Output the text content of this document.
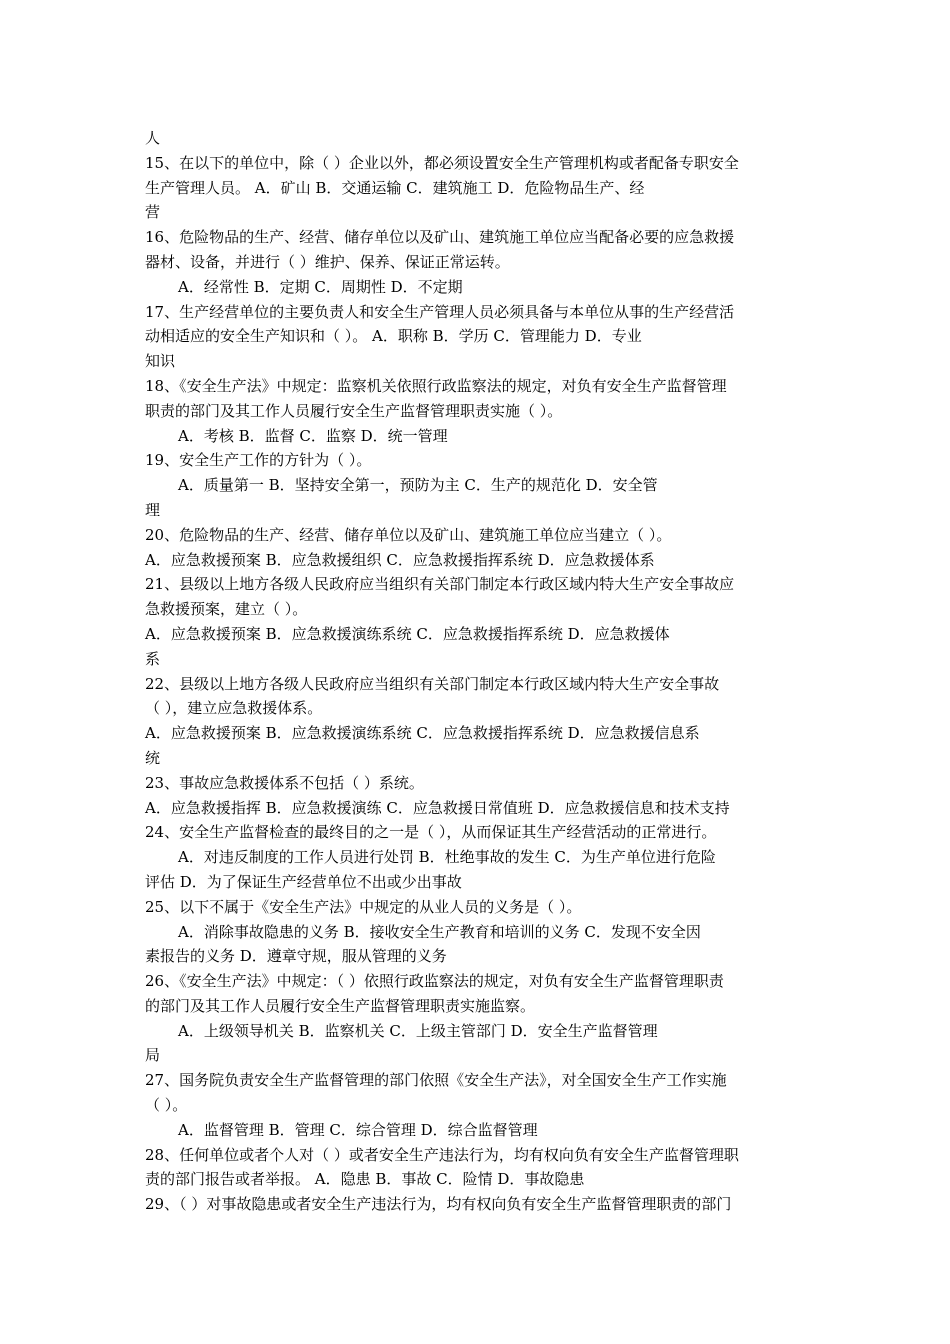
人
15、在以下的单位中，除（ ）企业以外，都必须设置安全生产管理机构或者配备专职安全
生产管理人员。 A．矿山 B．交通运输 C．建筑施工 D．危险物品生产、经
营
16、危险物品的生产、经营、储存单位以及矿山、建筑施工单位应当配备必要的应急救援
器材、设备，并进行（ ）维护、保养、保证正常运转。
A．经常性 B．定期 C．周期性 D．不定期
17、生产经营单位的主要负责人和安全生产管理人员必须具备与本单位从事的生产经营活
动相适应的安全生产知识和（ ）。 A．职称 B．学历 C．管理能力 D．专业
知识
18、《安全生产法》中规定：监察机关依照行政监察法的规定，对负有安全生产监督管理
职责的部门及其工作人员履行安全生产监督管理职责实施（ ）。
A．考核 B．监督 C．监察 D．统一管理
19、安全生产工作的方针为（ ）。
A．质量第一 B．坚持安全第一，预防为主 C．生产的规范化 D．安全管
理
20、危险物品的生产、经营、储存单位以及矿山、建筑施工单位应当建立（ ）。
A．应急救援预案 B．应急救援组织 C．应急救援指挥系统 D．应急救援体系
21、县级以上地方各级人民政府应当组织有关部门制定本行政区域内特大生产安全事故应
急救援预案，建立（ ）。
A．应急救援预案 B．应急救援演练系统 C．应急救援指挥系统 D．应急救援体
系
22、县级以上地方各级人民政府应当组织有关部门制定本行政区域内特大生产安全事故
（ ），建立应急救援体系。
A．应急救援预案 B．应急救援演练系统 C．应急救援指挥系统 D．应急救援信息系
统
23、事故应急救援体系不包括（ ）系统。
A．应急救援指挥 B．应急救援演练 C．应急救援日常值班 D．应急救援信息和技术支持
24、安全生产监督检查的最终目的之一是（ ），从而保证其生产经营活动的正常进行。
A．对违反制度的工作人员进行处罚 B．杜绝事故的发生 C．为生产单位进行危险
评估 D．为了保证生产经营单位不出或少出事故
25、以下不属于《安全生产法》中规定的从业人员的义务是（ ）。
A．消除事故隐患的义务 B．接收安全生产教育和培训的义务 C．发现不安全因
素报告的义务 D．遵章守规，服从管理的义务
26、《安全生产法》中规定：（ ）依照行政监察法的规定，对负有安全生产监督管理职责
的部门及其工作人员履行安全生产监督管理职责实施监察。
A．上级领导机关 B．监察机关 C．上级主管部门 D．安全生产监督管理
局
27、国务院负责安全生产监督管理的部门依照《安全生产法》，对全国安全生产工作实施
（ ）。
A．监督管理 B．管理 C．综合管理 D．综合监督管理
28、任何单位或者个人对（ ）或者安全生产违法行为，均有权向负有安全生产监督管理职
责的部门报告或者举报。 A．隐患 B．事故 C．险情 D．事故隐患
29、（ ）对事故隐患或者安全生产违法行为，均有权向负有安全生产监督管理职责的部门
